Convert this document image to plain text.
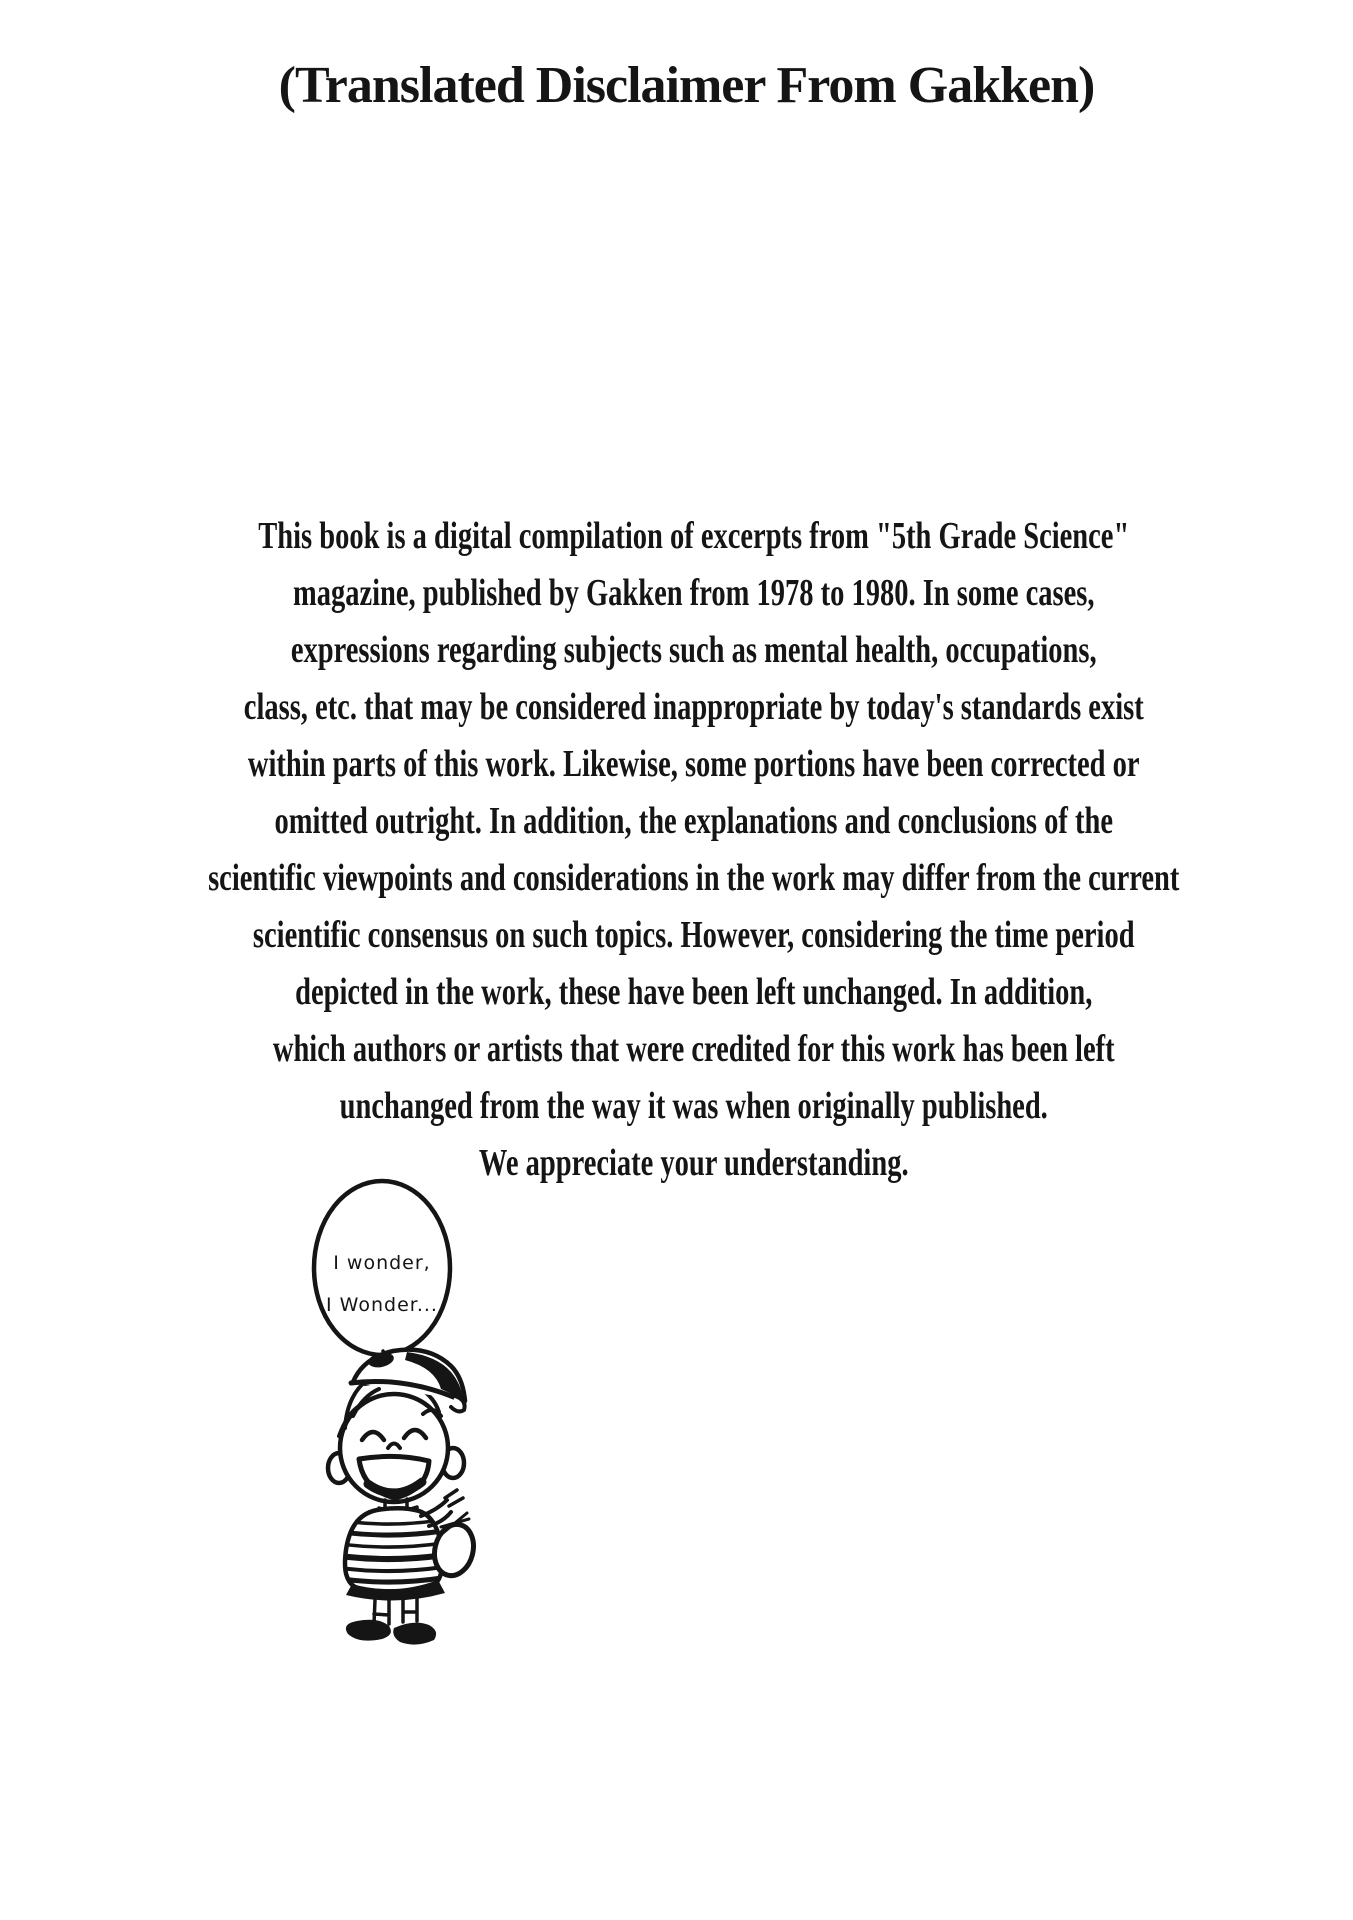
(Translated Disclaimer From Gakken)
This book is a digital compilation of excerpts from "5th Grade Science"
magazine, published by Gakken from 1978 to 1980. In some cases,
expressions regarding subjects such as mental health, occupations,
class, etc. that may be considered inappropriate by today's standards exist
within parts of this work. Likewise, some portions have been corrected or
omitted outright. In addition, the explanations and conclusions of the
scientific viewpoints and considerations in the work may differ from the current
scientific consensus on such topics. However, considering the time period
depicted in the work, these have been left unchanged. In addition,
which authors or artists that were credited for this work has been left
unchanged from the way it was when originally published.
We appreciate your understanding.
I wonder,
I Wonder...
